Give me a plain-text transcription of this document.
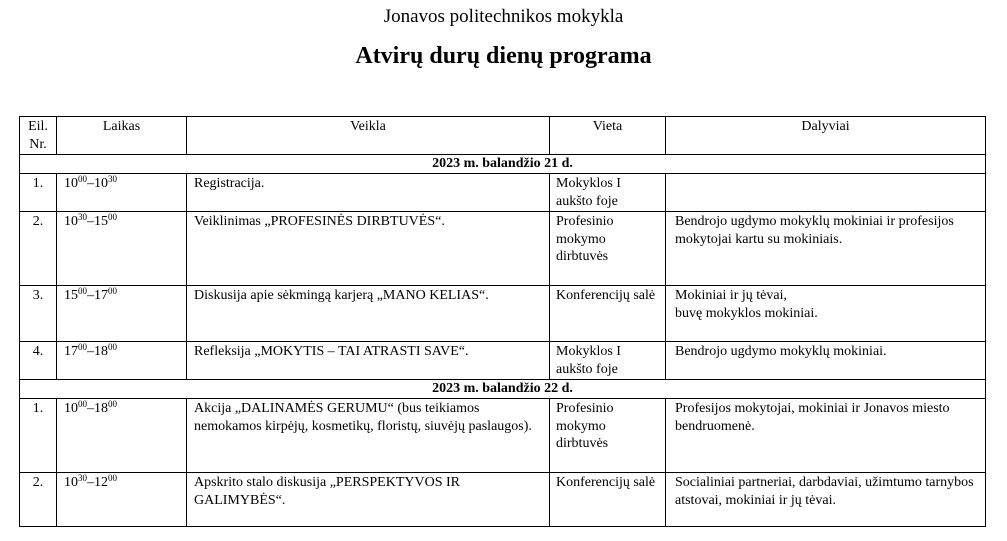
Jonavos politechnikos mokykla
Atvirų durų dienų programa
Eil.
Nr.	Laikas	Veikla	Vieta	Dalyviai
2023 m. balandžio 21 d.				
1.	$10^{00}-10^{30}$	Registracija.	Mokyklos I aukšto foje	
2.	$10^{30}-15^{00}$	Veiklinimas „PROFESINĖS DIRBTUVĖS“.	Profesinio mokymo dirbtuvės	Bendrojo ugdymo mokyklų mokiniai ir profesijos mokytojai kartu su mokiniais.
3.	$15^{00}-17^{00}$	Diskusija apie sėkmingą karjerą „MANO KELIAS“.	Konferencijų salė	Mokiniai ir jų tėvai,
buvę mokyklos mokiniai.
4.	$17^{00}-18^{00}$	Refleksija „MOKYTIS – TAI ATRASTI SAVE“.	Mokyklos I aukšto foje	Bendrojo ugdymo mokyklų mokiniai.
2023 m. balandžio 22 d.				
1.	$10^{00}-18^{00}$	Akcija „DALINAMĖS GERUMU“ (bus teikiamos nemokamos kirpėjų, kosmetikų, floristų, siuvėjų paslaugos).	Profesinio mokymo dirbtuvės	Profesijos mokytojai, mokiniai ir Jonavos miesto bendruomenė.
2.	$10^{30}-12^{00}$	Apskrito stalo diskusija „PERSPEKTYVOS IR GALIMYBĖS“.	Konferencijų salė	Socialiniai partneriai, darbdaviai, užimtumo tarnybos atstovai, mokiniai ir jų tėvai.
